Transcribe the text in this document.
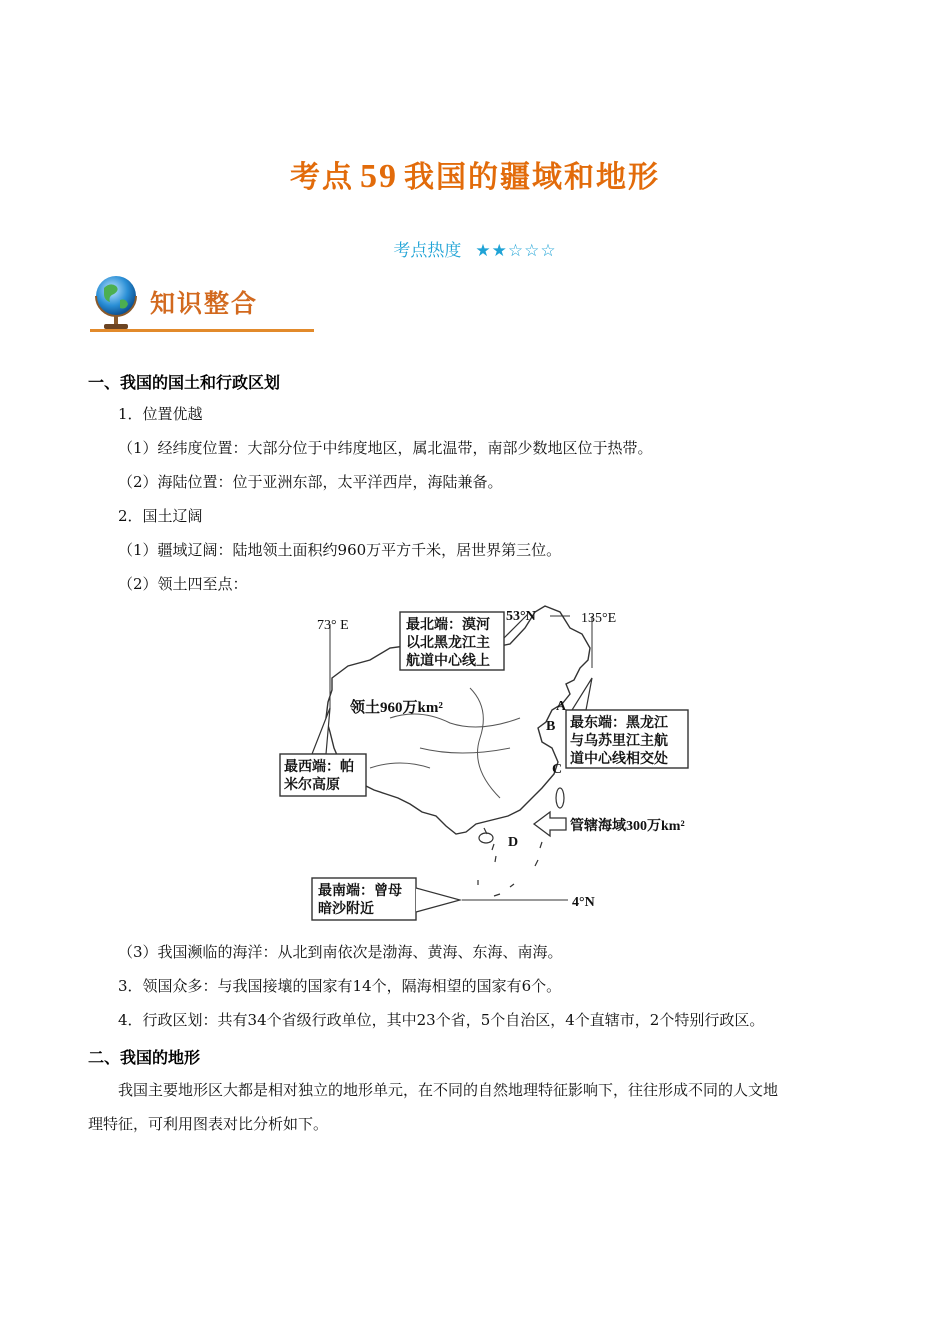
考点 59 我国的疆域和地形
考点热度 ★★☆☆☆
知识整合
一、我国的国土和行政区划
1．位置优越
（1）经纬度位置：大部分位于中纬度地区，属北温带，南部少数地区位于热带。
（2）海陆位置：位于亚洲东部，太平洋西岸，海陆兼备。
2．国土辽阔
（1）疆域辽阔：陆地领土面积约960万平方千米，居世界第三位。
（2）领土四至点：
73° E	135°E
53°N
4°N
领土960万km²
最北端：漠河
以北黑龙江主
航道中心线上
最东端：黑龙江
与乌苏里江主航
道中心线相交处
最西端：帕
米尔高原
最南端：曾母
暗沙附近
管辖海域300万km²
A
B
C
D
（3）我国濒临的海洋：从北到南依次是渤海、黄海、东海、南海。
3．领国众多：与我国接壤的国家有14个，隔海相望的国家有6个。
4．行政区划：共有34个省级行政单位，其中23个省，5个自治区，4个直辖市，2个特别行政区。
二、我国的地形
我国主要地形区大都是相对独立的地形单元，在不同的自然地理特征影响下，往往形成不同的人文地
理特征，可利用图表对比分析如下。
